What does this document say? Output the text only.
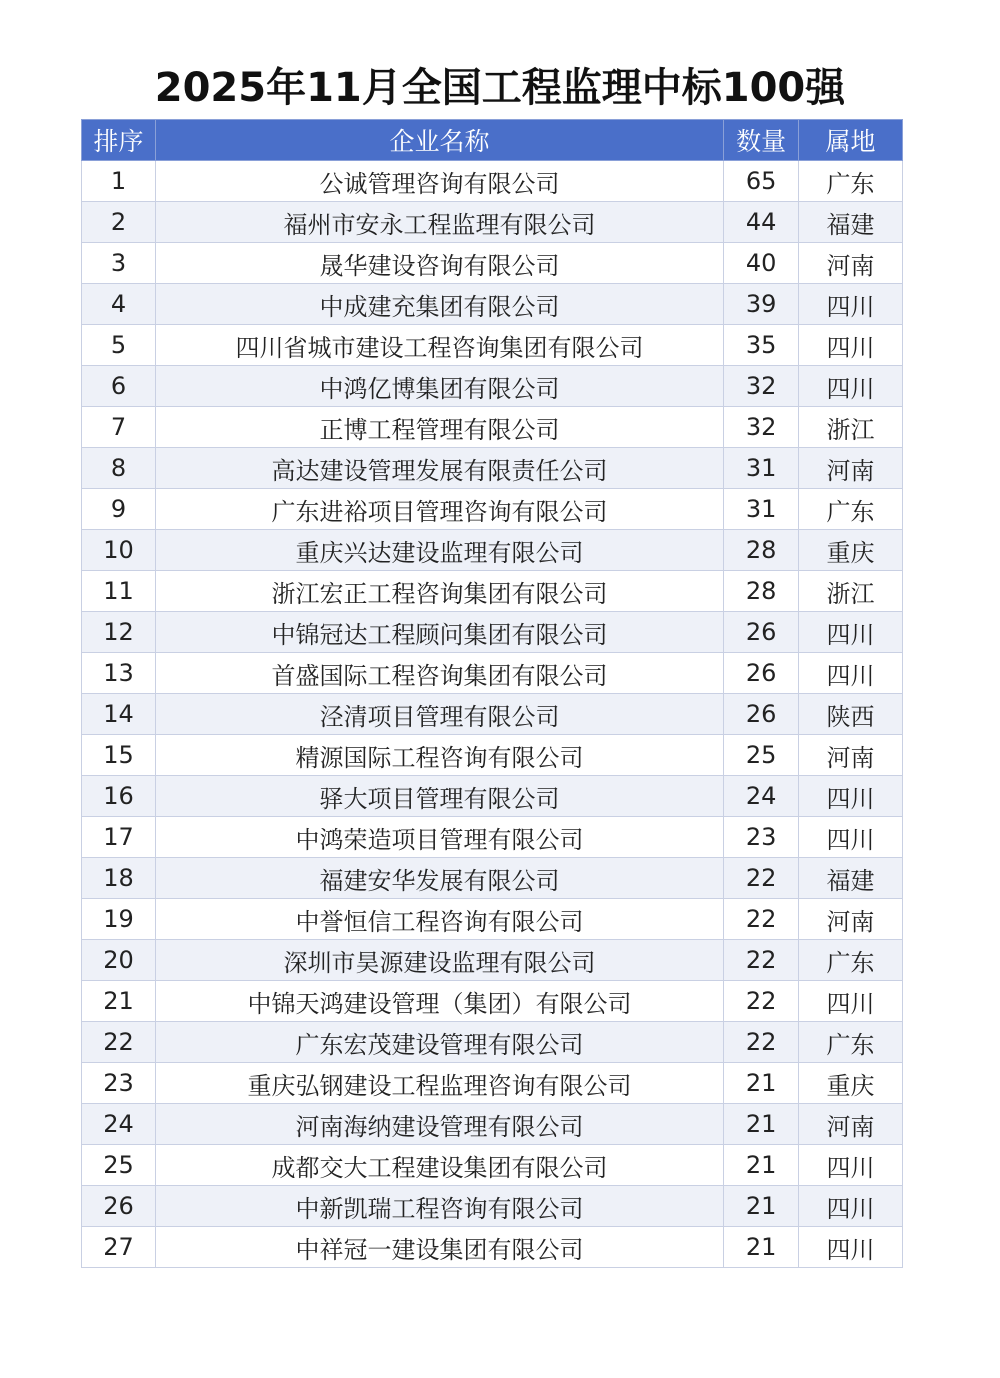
2025年11月全国工程监理中标100强
排序	企业名称	数量	属地
1	公诚管理咨询有限公司	65	广东
2	福州市安永工程监理有限公司	44	福建
3	晟华建设咨询有限公司	40	河南
4	中成建充集团有限公司	39	四川
5	四川省城市建设工程咨询集团有限公司	35	四川
6	中鸿亿博集团有限公司	32	四川
7	正博工程管理有限公司	32	浙江
8	高达建设管理发展有限责任公司	31	河南
9	广东进裕项目管理咨询有限公司	31	广东
10	重庆兴达建设监理有限公司	28	重庆
11	浙江宏正工程咨询集团有限公司	28	浙江
12	中锦冠达工程顾问集团有限公司	26	四川
13	首盛国际工程咨询集团有限公司	26	四川
14	泾清项目管理有限公司	26	陕西
15	精源国际工程咨询有限公司	25	河南
16	驿大项目管理有限公司	24	四川
17	中鸿荣造项目管理有限公司	23	四川
18	福建安华发展有限公司	22	福建
19	中誉恒信工程咨询有限公司	22	河南
20	深圳市昊源建设监理有限公司	22	广东
21	中锦天鸿建设管理（集团）有限公司	22	四川
22	广东宏茂建设管理有限公司	22	广东
23	重庆弘钢建设工程监理咨询有限公司	21	重庆
24	河南海纳建设管理有限公司	21	河南
25	成都交大工程建设集团有限公司	21	四川
26	中新凯瑞工程咨询有限公司	21	四川
27	中祥冠一建设集团有限公司	21	四川
